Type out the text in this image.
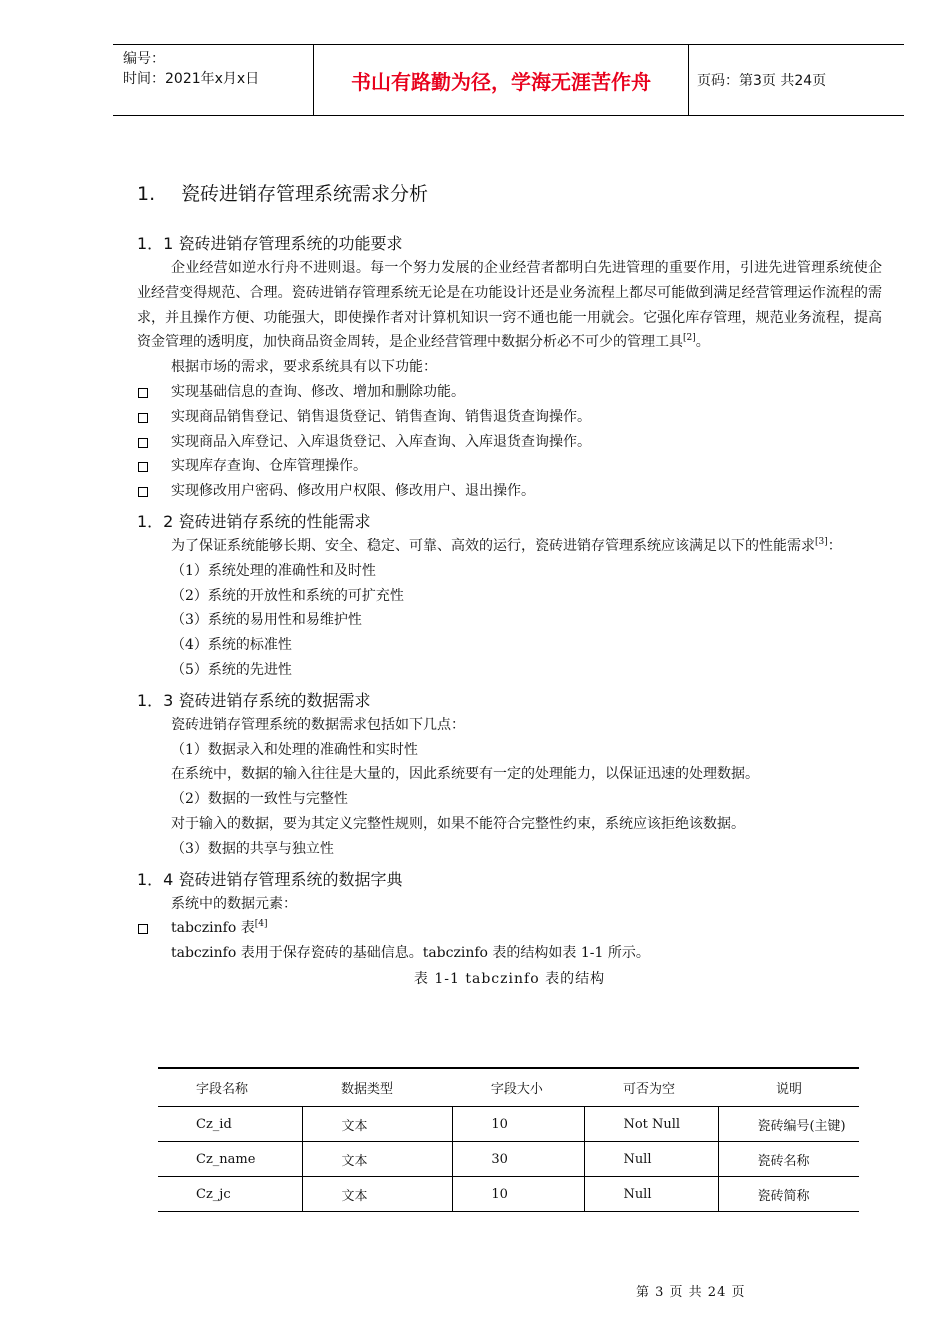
编号：
时间：2021年x月x日	书山有路勤为径，学海无涯苦作舟	页码：第3页 共24页
1. 瓷砖进销存管理系统需求分析
1．1 瓷砖进销存管理系统的功能要求

企业经营如逆水行舟不进则退。每一个努力发展的企业经营者都明白先进管理的重要作用，引进先进管理系统使企业经营变得规范、合理。瓷砖进销存管理系统无论是在功能设计还是业务流程上都尽可能做到满足经营管理运作流程的需求，并且操作方便、功能强大，即使操作者对计算机知识一窍不通也能一用就会。它强化库存管理，规范业务流程，提高资金管理的透明度，加快商品资金周转，是企业经营管理中数据分析必不可少的管理工具[2]。

根据市场的需求，要求系统具有以下功能：

实现基础信息的查询、修改、增加和删除功能。

实现商品销售登记、销售退货登记、销售查询、销售退货查询操作。

实现商品入库登记、入库退货登记、入库查询、入库退货查询操作。

实现库存查询、仓库管理操作。

实现修改用户密码、修改用户权限、修改用户、退出操作。

1．2 瓷砖进销存系统的性能需求

为了保证系统能够长期、安全、稳定、可靠、高效的运行，瓷砖进销存管理系统应该满足以下的性能需求[3]：

（1）系统处理的准确性和及时性

（2）系统的开放性和系统的可扩充性

（3）系统的易用性和易维护性

（4）系统的标准性

（5）系统的先进性

1．3 瓷砖进销存系统的数据需求

瓷砖进销存管理系统的数据需求包括如下几点：

（1）数据录入和处理的准确性和实时性

在系统中，数据的输入往往是大量的，因此系统要有一定的处理能力，以保证迅速的处理数据。

（2）数据的一致性与完整性

对于输入的数据，要为其定义完整性规则，如果不能符合完整性约束，系统应该拒绝该数据。

（3）数据的共享与独立性

1．4 瓷砖进销存管理系统的数据字典

系统中的数据元素：

tabczinfo 表[4]

tabczinfo 表用于保存瓷砖的基础信息。tabczinfo 表的结构如表 1-1 所示。

表 1-1 tabczinfo 表的结构
字段名称	数据类型	字段大小	可否为空	说明
Cz_id	文本	10	Not Null	瓷砖编号(主键)
Cz_name	文本	30	Null	瓷砖名称
Cz_jc	文本	10	Null	瓷砖简称
第 3 页 共 24 页
